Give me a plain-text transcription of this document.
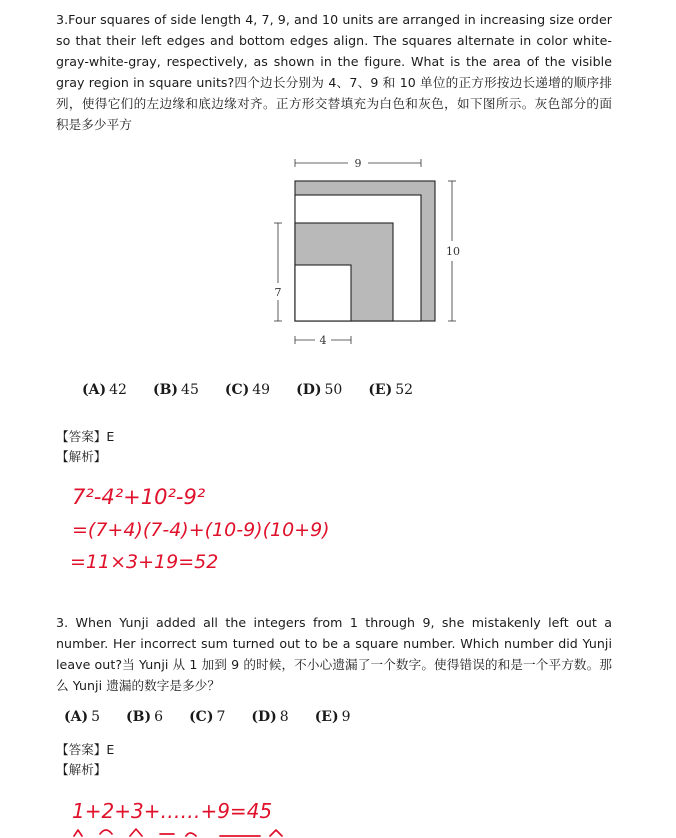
3.Four squares of side length 4, 7, 9, and 10 units are arranged in increasing size order so that their left edges and bottom edges align. The squares alternate in color white-gray-white-gray, respectively, as shown in the figure. What is the area of the visible gray region in square units?四个边长分别为 4、7、9 和 10 单位的正方形按边长递增的顺序排列，使得它们的左边缘和底边缘对齐。正方形交替填充为白色和灰色，如下图所示。灰色部分的面积是多少平方

9
10
7
4
(A) 42 (B) 45 (C) 49 (D) 50 (E) 52
【答案】E
【解析】
7²-4²+10²-9²
=(7+4)(7-4)+(10-9)(10+9)
=11×3+19=52

3. When Yunji added all the integers from 1 through 9, she mistakenly left out a number. Her incorrect sum turned out to be a square number. Which number did Yunji leave out?当 Yunji 从 1 加到 9 的时候，不小心遗漏了一个数字。使得错误的和是一个平方数。那么 Yunji 遗漏的数字是多少？

(A) 5 (B) 6 (C) 7 (D) 8 (E) 9
【答案】E
【解析】
1+2+3+……+9=45
